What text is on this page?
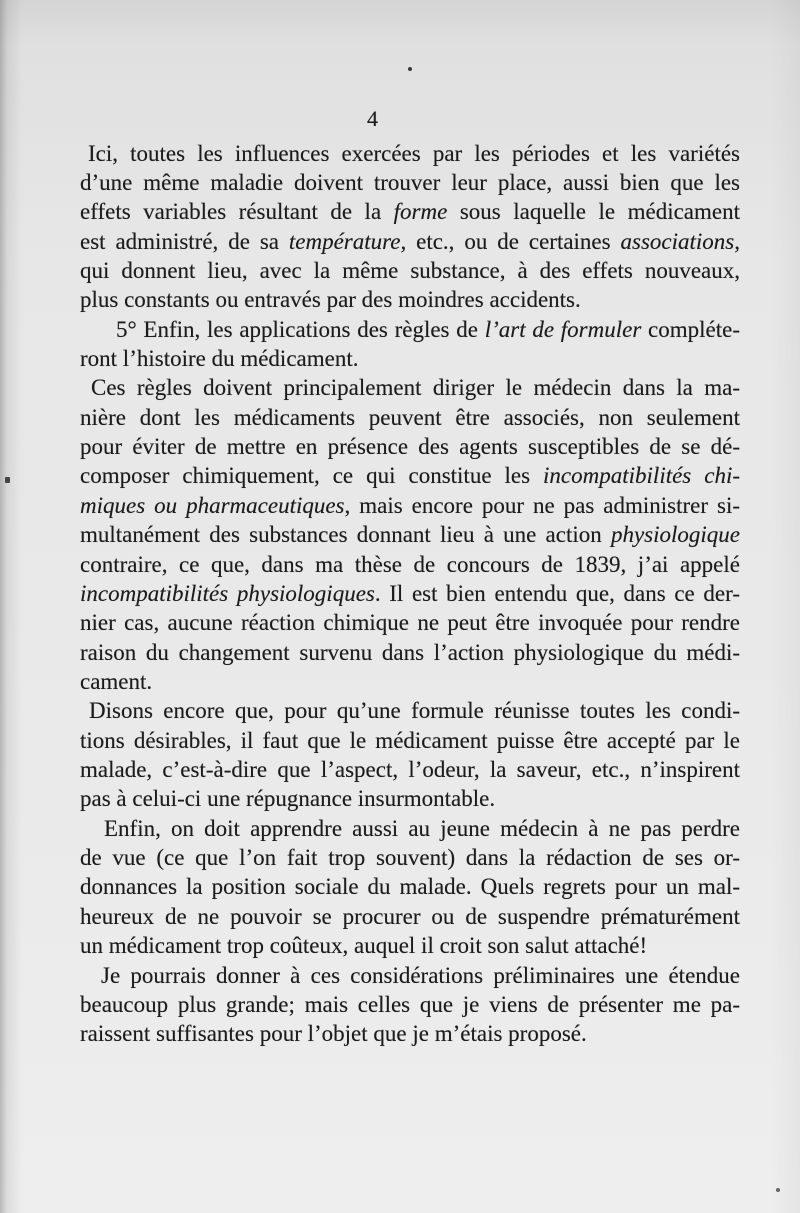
4
Ici, toutes les influences exercées par les périodes et les variétés
d’une même maladie doivent trouver leur place, aussi bien que les
effets variables résultant de la forme sous laquelle le médicament
est administré, de sa température, etc., ou de certaines associations,
qui donnent lieu, avec la même substance, à des effets nouveaux,
plus constants ou entravés par des moindres accidents.
5° Enfin, les applications des règles de l’art de formuler compléte-
ront l’histoire du médicament.
Ces règles doivent principalement diriger le médecin dans la ma-
nière dont les médicaments peuvent être associés, non seulement
pour éviter de mettre en présence des agents susceptibles de se dé-
composer chimiquement, ce qui constitue les incompatibilités chi-
miques ou pharmaceutiques, mais encore pour ne pas administrer si-
multanément des substances donnant lieu à une action physiologique
contraire, ce que, dans ma thèse de concours de 1839, j’ai appelé
incompatibilités physiologiques. Il est bien entendu que, dans ce der-
nier cas, aucune réaction chimique ne peut être invoquée pour rendre
raison du changement survenu dans l’action physiologique du médi-
cament.
Disons encore que, pour qu’une formule réunisse toutes les condi-
tions désirables, il faut que le médicament puisse être accepté par le
malade, c’est-à-dire que l’aspect, l’odeur, la saveur, etc., n’inspirent
pas à celui-ci une répugnance insurmontable.
Enfin, on doit apprendre aussi au jeune médecin à ne pas perdre
de vue (ce que l’on fait trop souvent) dans la rédaction de ses or-
donnances la position sociale du malade. Quels regrets pour un mal-
heureux de ne pouvoir se procurer ou de suspendre prématurément
un médicament trop coûteux, auquel il croit son salut attaché!
Je pourrais donner à ces considérations préliminaires une étendue
beaucoup plus grande; mais celles que je viens de présenter me pa-
raissent suffisantes pour l’objet que je m’étais proposé.
